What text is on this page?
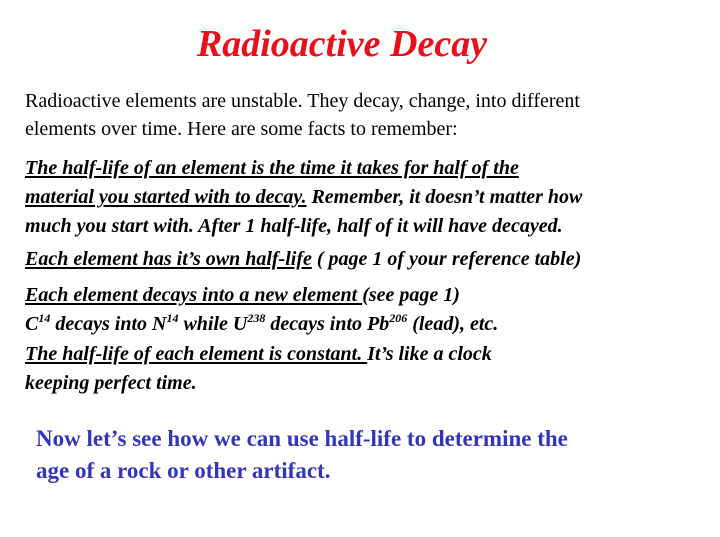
Radioactive Decay
Radioactive elements are unstable. They decay, change, into different
elements over time. Here are some facts to remember:
The half-life of an element is the time it takes for half of the
material you started with to decay. Remember, it doesn’t matter how
much you start with. After 1 half-life, half of it will have decayed.
Each element has it’s own half-life ( page 1 of your reference table)
Each element decays into a new element (see page 1)
$C^{14}$ decays into $N^{14}$ while $U^{238}$ decays into Pb$^{206}$ (lead), etc.
The half-life of each element is constant. It’s like a clock
keeping perfect time.
Now let’s see how we can use half-life to determine the
age of a rock or other artifact.
